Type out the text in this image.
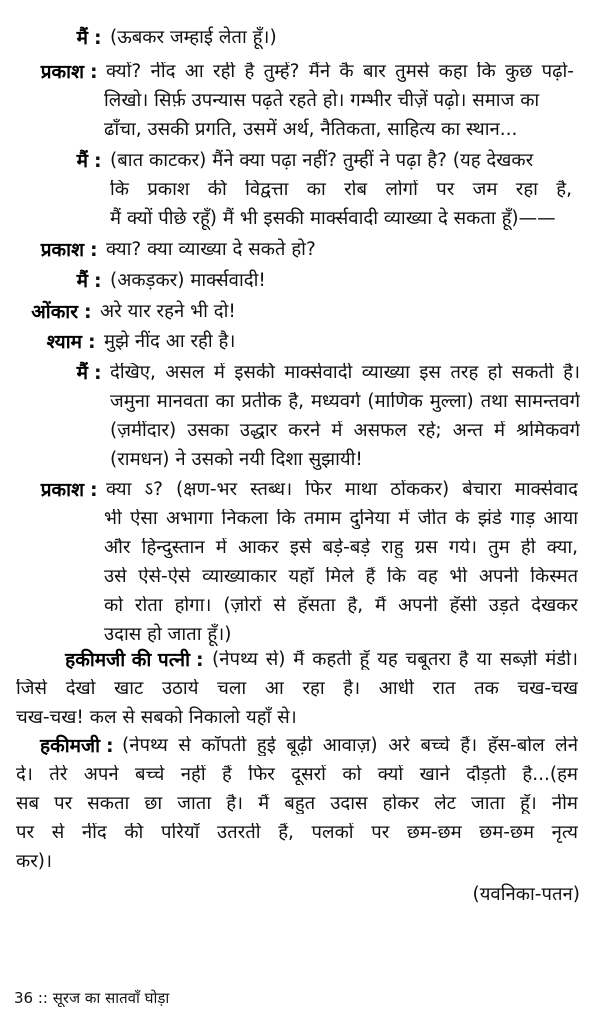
मैं : (ऊबकर जम्हाई लेता हूँ।)
प्रकाश : क्यों? नींद आ रही है तुम्हें? मैंने कै बार तुमसे कहा कि कुछ पढ़ो-
लिखो। सिर्फ़ उपन्यास पढ़ते रहते हो। गम्भीर चीज़ें पढ़ो। समाज का
ढाँचा, उसकी प्रगति, उसमें अर्थ, नैतिकता, साहित्य का स्थान...
मैं : (बात काटकर) मैंने क्या पढ़ा नहीं? तुम्हीं ने पढ़ा है? (यह देखकर
कि प्रकाश की विद्वत्ता का रोब लोगों पर जम रहा है,
मैं क्यों पीछे रहूँ) मैं भी इसकी मार्क्सवादी व्याख्या दे सकता हूँ)——
प्रकाश : क्या? क्या व्याख्या दे सकते हो?
मैं : (अकड़कर) मार्क्सवादी!
ओंकार : अरे यार रहने भी दो!
श्याम : मुझे नींद आ रही है।
मैं : देखिए, असल में इसकी मार्क्सवादी व्याख्या इस तरह हो सकती है।
जमुना मानवता का प्रतीक है, मध्यवर्ग (माणिक मुल्ला) तथा सामन्तवर्ग
(ज़मींदार) उसका उद्धार करने में असफल रहे; अन्त में श्रमिकवर्ग
(रामधन) ने उसको नयी दिशा सुझायी!
प्रकाश : क्या ऽ? (क्षण-भर स्तब्ध। फिर माथा ठोंककर) बेचारा मार्क्सवाद
भी ऐसा अभागा निकला कि तमाम दुनिया में जीत के झंडे गाड़ आया
और हिन्दुस्तान में आकर इसे बड़े-बड़े राहु ग्रस गये। तुम ही क्या,
उसे ऐसे-ऐसे व्याख्याकार यहाँ मिले हैं कि वह भी अपनी किस्मत
को रोता होगा। (ज़ोरों से हँसता है, मैं अपनी हँसी उड़ते देखकर
उदास हो जाता हूँ।)
हकीमजी की पत्नी : (नेपथ्य से) मैं कहती हूँ यह चबूतरा है या सब्ज़ी मंडी।
जिसे देखो खाट उठाये चला आ रहा है। आधी रात तक चख-चख
चख-चख! कल से सबको निकालो यहाँ से।
हकीमजी : (नेपथ्य से काँपती हुई बूढ़ी आवाज़) अरे बच्चे हैं। हँस-बोल लेने
दे। तेरे अपने बच्चे नहीं हैं फिर दूसरों को क्यों खाने दौड़ती है...(हम
सब पर सकता छा जाता है। मैं बहुत उदास होकर लेट जाता हूँ। नीम
पर से नींद की परियाँ उतरती हैं, पलकों पर छम-छम छम-छम नृत्य
कर)।
(यवनिका-पतन)
36 :: सूरज का सातवाँ घोड़ा
